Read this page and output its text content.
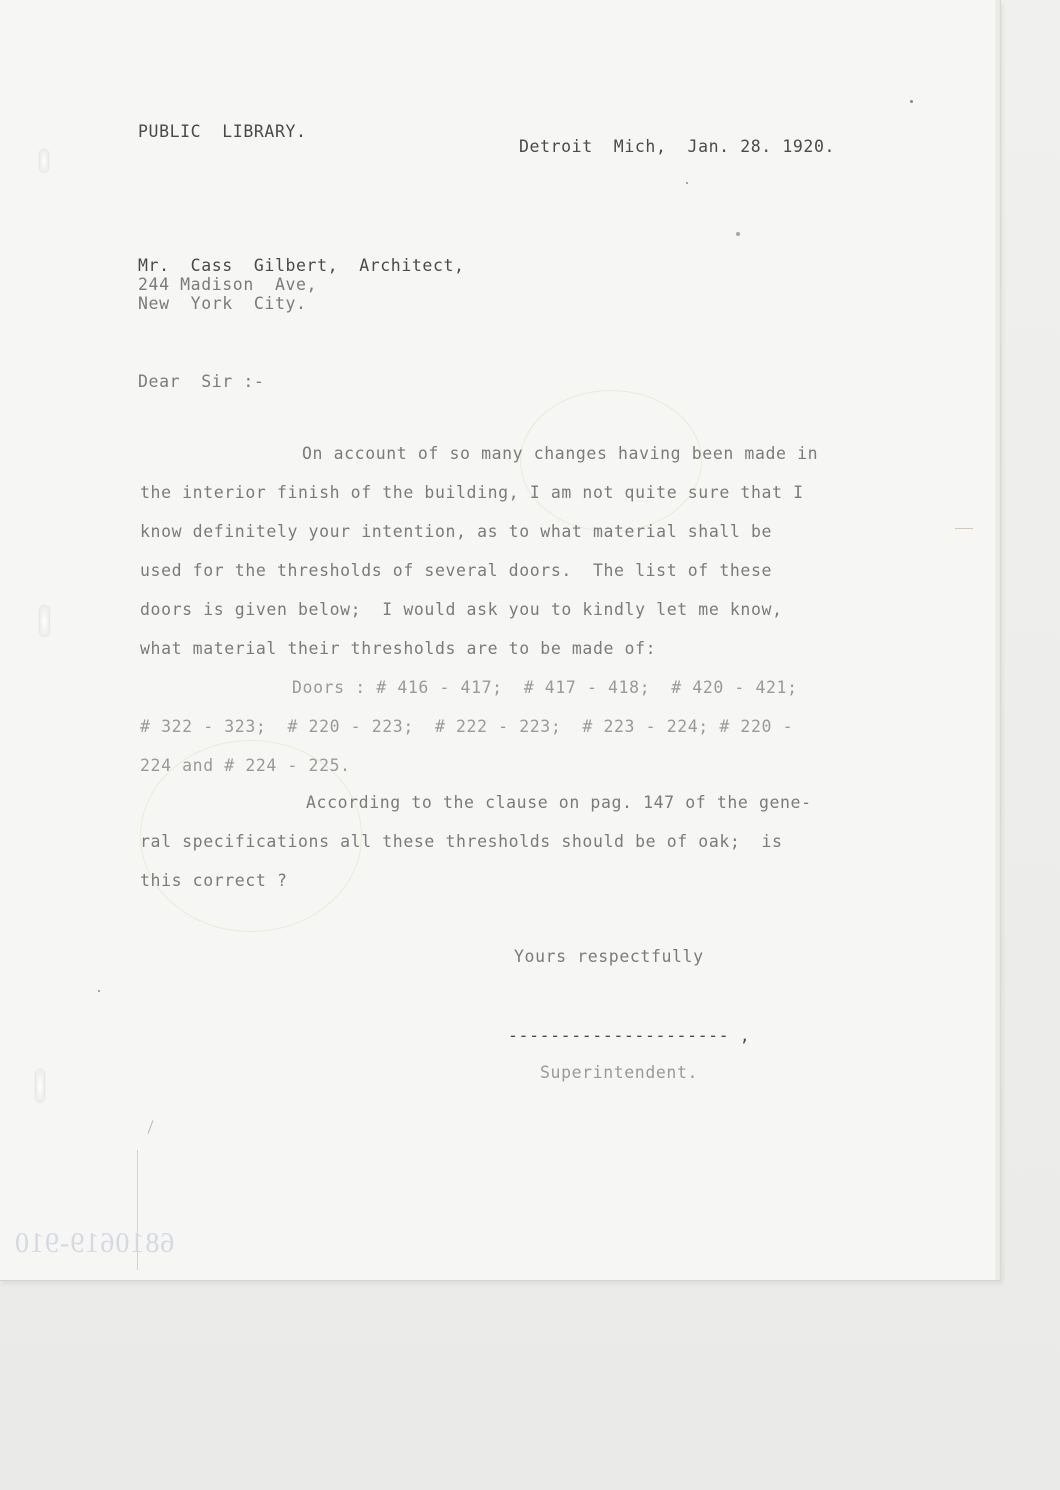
PUBLIC  LIBRARY.
Detroit  Mich,  Jan. 28. 1920.
Mr.  Cass  Gilbert,  Architect,
244 Madison  Ave,
New  York  City.
Dear  Sir :-
On account of so many changes having been made in
the interior finish of the building, I am not quite sure that I
know definitely your intention, as to what material shall be
used for the thresholds of several doors.  The list of these
doors is given below;  I would ask you to kindly let me know,
what material their thresholds are to be made of:
Doors : # 416 - 417;  # 417 - 418;  # 420 - 421;
# 322 - 323;  # 220 - 223;  # 222 - 223;  # 223 - 224; # 220 -
224 and # 224 - 225.
According to the clause on pag. 147 of the gene-
ral specifications all these thresholds should be of oak;  is
this correct ?
Yours respectfully
--------------------- ,
Superintendent.
6810619-910
